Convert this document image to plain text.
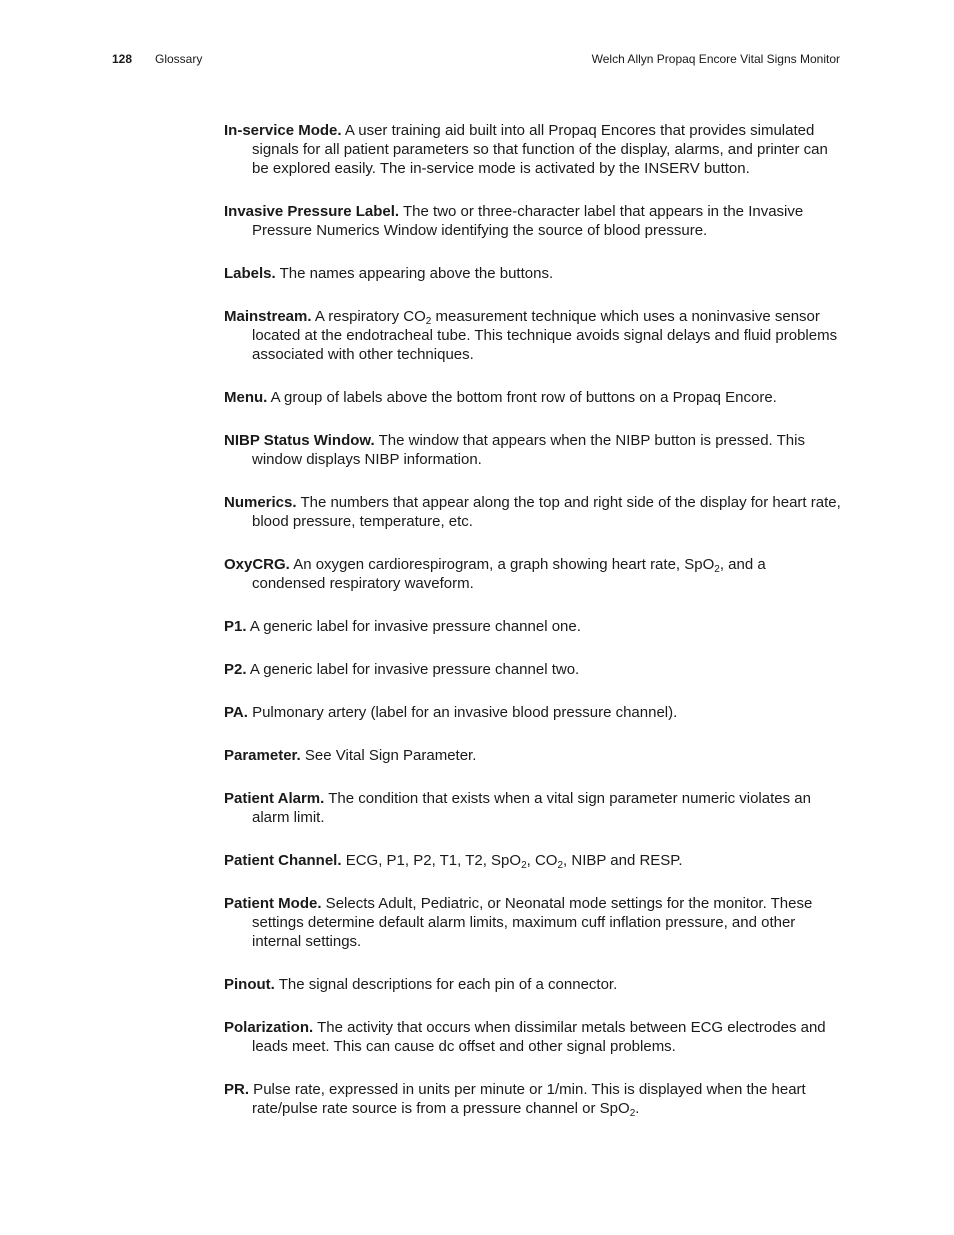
128 Glossary	Welch Allyn Propaq Encore Vital Signs Monitor

In-service Mode. A user training aid built into all Propaq Encores that provides simulated signals for all patient parameters so that function of the display, alarms, and printer can be explored easily. The in-service mode is activated by the INSERV button.

Invasive Pressure Label. The two or three-character label that appears in the Invasive Pressure Numerics Window identifying the source of blood pressure.

Labels. The names appearing above the buttons.

Mainstream. A respiratory $CO_2$ measurement technique which uses a noninvasive sensor located at the endotracheal tube. This technique avoids signal delays and fluid problems associated with other techniques.

Menu. A group of labels above the bottom front row of buttons on a Propaq Encore.

NIBP Status Window. The window that appears when the NIBP button is pressed. This window displays NIBP information.

Numerics. The numbers that appear along the top and right side of the display for heart rate, blood pressure, temperature, etc.

OxyCRG. An oxygen cardiorespirogram, a graph showing heart rate, SpO$_2$, and a condensed respiratory waveform.

P1. A generic label for invasive pressure channel one.

P2. A generic label for invasive pressure channel two.

PA. Pulmonary artery (label for an invasive blood pressure channel).

Parameter. See Vital Sign Parameter.

Patient Alarm. The condition that exists when a vital sign parameter numeric violates an alarm limit.

Patient Channel. ECG, P1, P2, T1, T2, SpO$_2$, $CO_2$, NIBP and RESP.

Patient Mode. Selects Adult, Pediatric, or Neonatal mode settings for the monitor. These settings determine default alarm limits, maximum cuff inflation pressure, and other internal settings.

Pinout. The signal descriptions for each pin of a connector.

Polarization. The activity that occurs when dissimilar metals between ECG electrodes and leads meet. This can cause dc offset and other signal problems.

PR. Pulse rate, expressed in units per minute or 1/min. This is displayed when the heart rate/pulse rate source is from a pressure channel or SpO$_2$.
